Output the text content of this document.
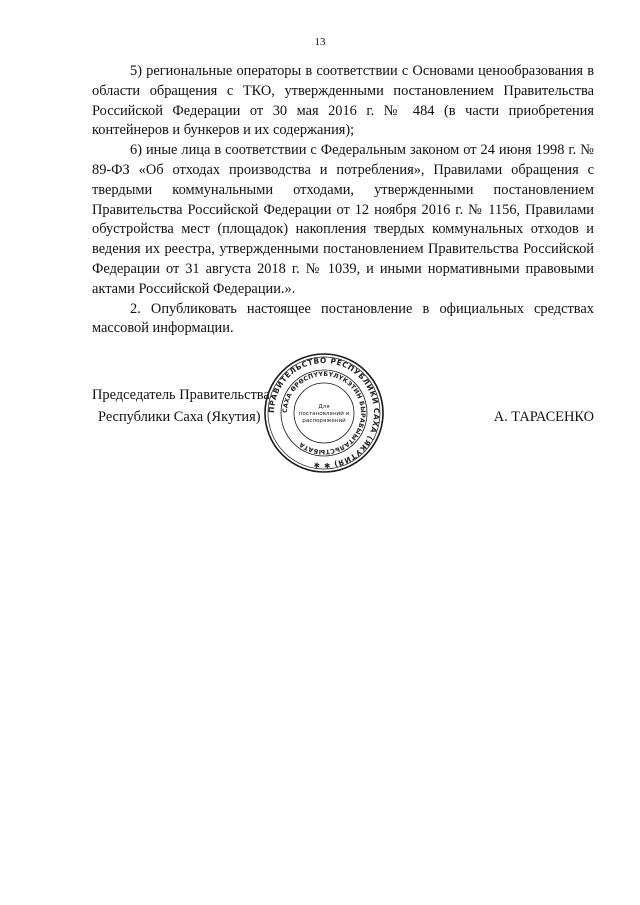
13

5) региональные операторы в соответствии с Основами ценообразования в области обращения с ТКО, утвержденными постановлением Правительства Российской Федерации от 30 мая 2016 г. № 484 (в части приобретения контейнеров и бункеров и их содержания);

6) иные лица в соответствии с Федеральным законом от 24 июня 1998 г. № 89-ФЗ «Об отходах производства и потребления», Правилами обращения с твердыми коммунальными отходами, утвержденными постановлением Правительства Российской Федерации от 12 ноября 2016 г. № 1156, Правилами обустройства мест (площадок) накопления твердых коммунальных отходов и ведения их реестра, утвержденными постановлением Правительства Российской Федерации от 31 августа 2018 г. № 1039, и иными нормативными правовыми актами Российской Федерации.».

2. Опубликовать настоящее постановление в официальных средствах массовой информации.

Председатель Правительства
Республики Саха (Якутия) ПРАВИТЕЛЬСТВО РЕСПУБЛИКИ САХА (ЯКУТИЯ) ✱ ✱
САХА ӨРӨСПҮҮБҮЛҮКЭТИН БЫРАБЫЫТАЛЬСТЫБАТА
Для
постановлений и
распоряжений	А. ТАРАСЕНКО
